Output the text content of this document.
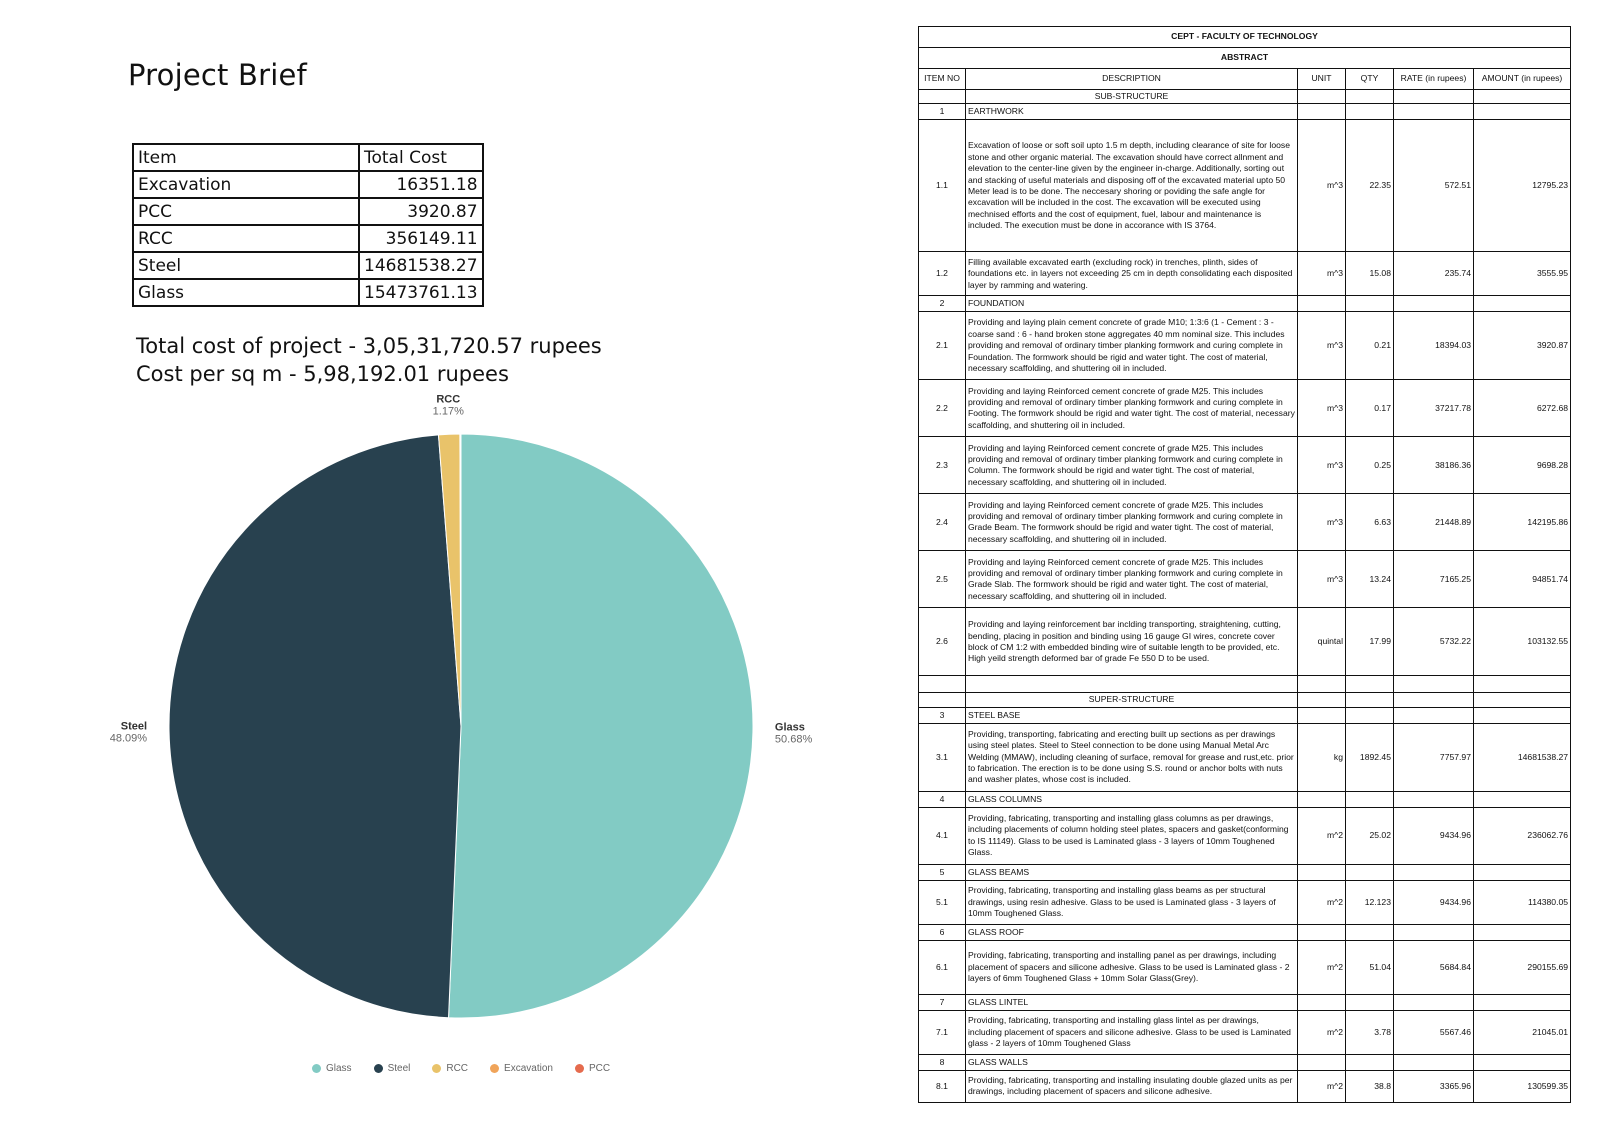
Project Brief
Item	Total Cost
Excavation	16351.18
PCC	3920.87
RCC	356149.11
Steel	14681538.27
Glass	15473761.13
Total cost of project - 3,05,31,720.57 rupees
Cost per sq m - 5,98,192.01 rupees
Glass
50.68%
Steel
48.09%
RCC
1.17%
Glass	Steel	RCC	Excavation	PCC
CEPT - FACULTY OF TECHNOLOGY					
ABSTRACT					
ITEM NO	DESCRIPTION	UNIT	QTY	RATE (in rupees)	AMOUNT (in rupees)
	SUB-STRUCTURE				
1	EARTHWORK				
1.1	Excavation of loose or soft soil upto 1.5 m depth, including clearance of site for loose stone and other organic material. The excavation should have correct allnment and elevation to the center-line given by the engineer in-charge. Additionally, sorting out and stacking of useful materials and disposing off of the excavated material upto 50 Meter lead is to be done. The neccesary shoring or poviding the safe angle for excavation will be included in the cost. The excavation will be executed using mechnised efforts and the cost of equipment, fuel, labour and maintenance is included. The execution must be done in accorance with IS 3764.	m^3	22.35	572.51	12795.23
1.2	Filling available excavated earth (excluding rock) in trenches, plinth, sides of foundations etc. in layers not exceeding 25 cm in depth consolidating each disposited layer by ramming and watering.	m^3	15.08	235.74	3555.95
2	FOUNDATION				
2.1	Providing and laying plain cement concrete of grade M10; 1:3:6 (1 - Cement : 3 - coarse sand : 6 - hand broken stone aggregates 40 mm nominal size. This includes providing and removal of ordinary timber planking formwork and curing complete in Foundation. The formwork should be rigid and water tight. The cost of material, necessary scaffolding, and shuttering oil in included.	m^3	0.21	18394.03	3920.87
2.2	Providing and laying Reinforced cement concrete of grade M25. This includes providing and removal of ordinary timber planking formwork and curing complete in Footing. The formwork should be rigid and water tight. The cost of material, necessary scaffolding, and shuttering oil in included.	m^3	0.17	37217.78	6272.68
2.3	Providing and laying Reinforced cement concrete of grade M25. This includes providing and removal of ordinary timber planking formwork and curing complete in Column. The formwork should be rigid and water tight. The cost of material, necessary scaffolding, and shuttering oil in included.	m^3	0.25	38186.36	9698.28
2.4	Providing and laying Reinforced cement concrete of grade M25. This includes providing and removal of ordinary timber planking formwork and curing complete in Grade Beam. The formwork should be rigid and water tight. The cost of material, necessary scaffolding, and shuttering oil in included.	m^3	6.63	21448.89	142195.86
2.5	Providing and laying Reinforced cement concrete of grade M25. This includes providing and removal of ordinary timber planking formwork and curing complete in Grade Slab. The formwork should be rigid and water tight. The cost of material, necessary scaffolding, and shuttering oil in included.	m^3	13.24	7165.25	94851.74
2.6	Providing and laying reinforcement bar inclding transporting, straightening, cutting, bending, placing in position and binding using 16 gauge GI wires, concrete cover block of CM 1:2 with embedded binding wire of suitable length to be provided, etc. High yeild strength deformed bar of grade Fe 550 D to be used.	quintal	17.99	5732.22	103132.55

	SUPER-STRUCTURE				
3	STEEL BASE				
3.1	Providing, transporting, fabricating and erecting built up sections as per drawings using steel plates. Steel to Steel connection to be done using Manual Metal Arc Welding (MMAW), including cleaning of surface, removal for grease and rust,etc. prior to fabrication. The erection is to be done using S.S. round or anchor bolts with nuts and washer plates, whose cost is included.	kg	1892.45	7757.97	14681538.27
4	GLASS COLUMNS				
4.1	Providing, fabricating, transporting and installing glass columns as per drawings, including placements of column holding steel plates, spacers and gasket(conforming to IS 11149). Glass to be used is Laminated glass - 3 layers of 10mm Toughened Glass.	m^2	25.02	9434.96	236062.76
5	GLASS BEAMS				
5.1	Providing, fabricating, transporting and installing glass beams as per structural drawings, using resin adhesive. Glass to be used is Laminated glass - 3 layers of 10mm Toughened Glass.	m^2	12.123	9434.96	114380.05
6	GLASS ROOF				
6.1	Providing, fabricating, transporting and installing panel as per drawings, including placement of spacers and silicone adhesive. Glass to be used is Laminated glass - 2 layers of 6mm Toughened Glass + 10mm Solar Glass(Grey).	m^2	51.04	5684.84	290155.69
7	GLASS LINTEL				
7.1	Providing, fabricating, transporting and installing glass lintel as per drawings, including placement of spacers and silicone adhesive. Glass to be used is Laminated glass - 2 layers of 10mm Toughened Glass	m^2	3.78	5567.46	21045.01
8	GLASS WALLS				
8.1	Providing, fabricating, transporting and installing insulating double glazed units as per drawings, including placement of spacers and silicone adhesive.	m^2	38.8	3365.96	130599.35
